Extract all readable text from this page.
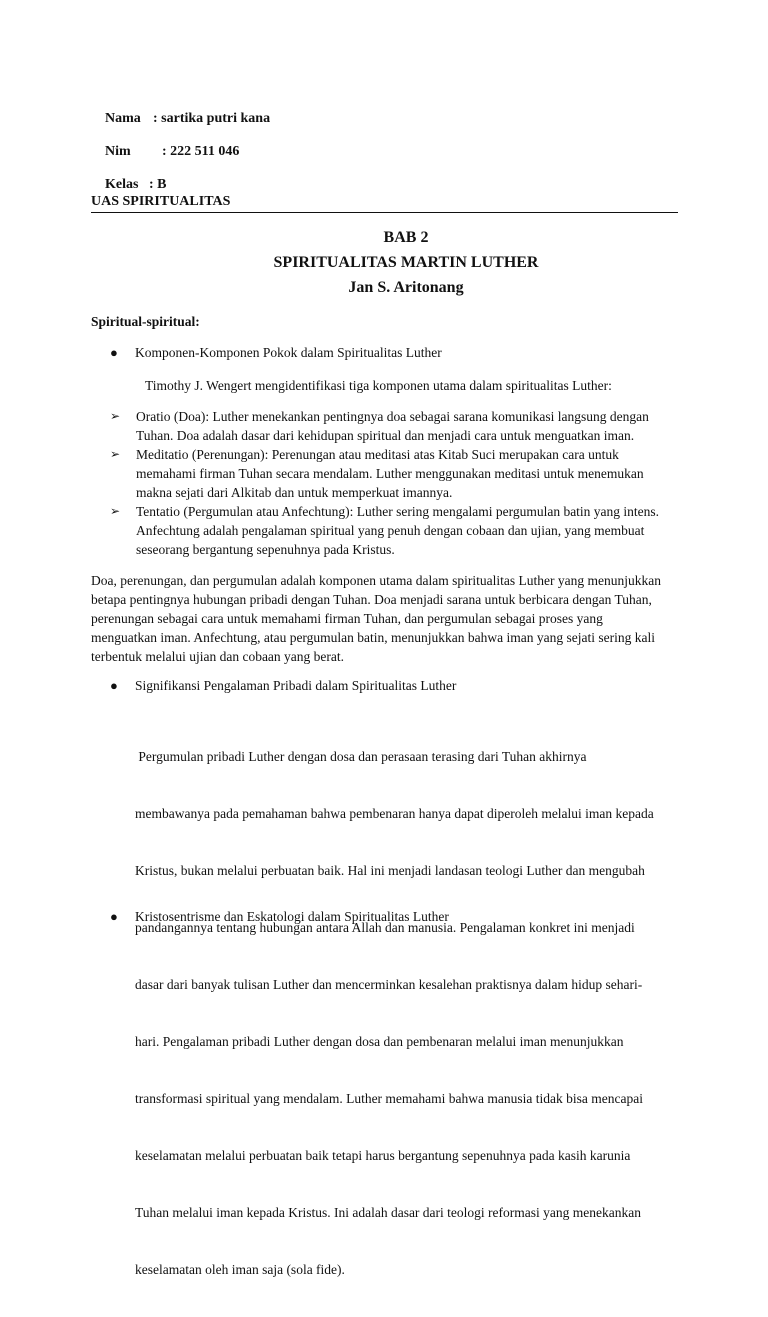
Nama : sartika putri kana

Nim : 222 511 046

Kelas : B

UAS SPIRITUALITAS
BAB 2
SPIRITUALITAS MARTIN LUTHER
Jan S. Aritonang
Spiritual-spiritual:
● Komponen-Komponen Pokok dalam Spiritualitas Luther

Timothy J. Wengert mengidentifikasi tiga komponen utama dalam spiritualitas Luther:

➢ Oratio (Doa): Luther menekankan pentingnya doa sebagai sarana komunikasi langsung dengan
Tuhan. Doa adalah dasar dari kehidupan spiritual dan menjadi cara untuk menguatkan iman.
➢ Meditatio (Perenungan): Perenungan atau meditasi atas Kitab Suci merupakan cara untuk
memahami firman Tuhan secara mendalam. Luther menggunakan meditasi untuk menemukan
makna sejati dari Alkitab dan untuk memperkuat imannya.
➢ Tentatio (Pergumulan atau Anfechtung): Luther sering mengalami pergumulan batin yang intens.
Anfechtung adalah pengalaman spiritual yang penuh dengan cobaan dan ujian, yang membuat
seseorang bergantung sepenuhnya pada Kristus.

Doa, perenungan, dan pergumulan adalah komponen utama dalam spiritualitas Luther yang menunjukkan

betapa pentingnya hubungan pribadi dengan Tuhan. Doa menjadi sarana untuk berbicara dengan Tuhan,

perenungan sebagai cara untuk memahami firman Tuhan, dan pergumulan sebagai proses yang

menguatkan iman. Anfechtung, atau pergumulan batin, menunjukkan bahwa iman yang sejati sering kali

terbentuk melalui ujian dan cobaan yang berat.

● Signifikansi Pengalaman Pribadi dalam Spiritualitas Luther

Pergumulan pribadi Luther dengan dosa dan perasaan terasing dari Tuhan akhirnya

membawanya pada pemahaman bahwa pembenaran hanya dapat diperoleh melalui iman kepada

Kristus, bukan melalui perbuatan baik. Hal ini menjadi landasan teologi Luther dan mengubah

pandangannya tentang hubungan antara Allah dan manusia. Pengalaman konkret ini menjadi

dasar dari banyak tulisan Luther dan mencerminkan kesalehan praktisnya dalam hidup sehari-

hari. Pengalaman pribadi Luther dengan dosa dan pembenaran melalui iman menunjukkan

transformasi spiritual yang mendalam. Luther memahami bahwa manusia tidak bisa mencapai

keselamatan melalui perbuatan baik tetapi harus bergantung sepenuhnya pada kasih karunia

Tuhan melalui iman kepada Kristus. Ini adalah dasar dari teologi reformasi yang menekankan

keselamatan oleh iman saja (sola fide).

● Kristosentrisme dan Eskatologi dalam Spiritualitas Luther
